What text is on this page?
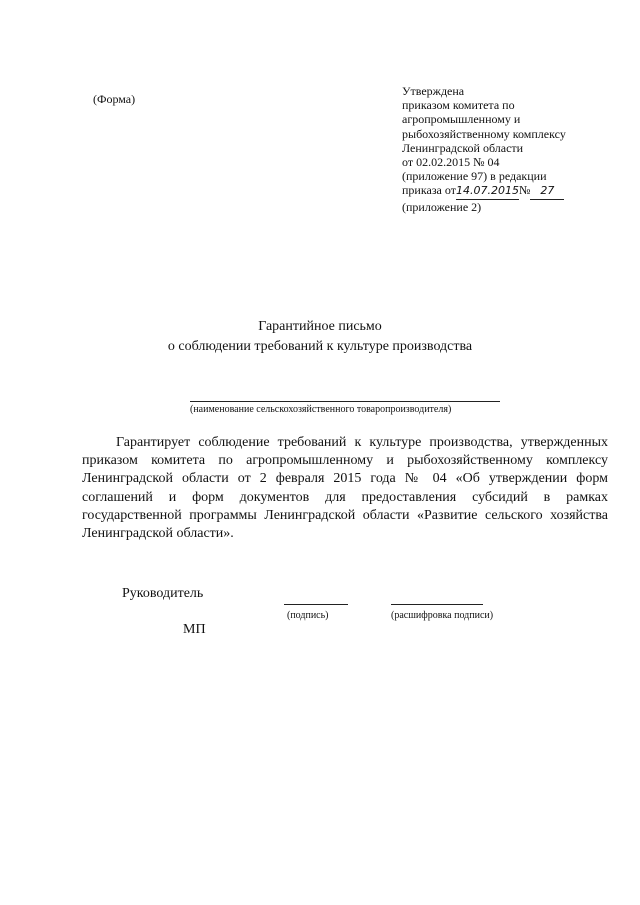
(Форма)
Утверждена
приказом комитета по
агропромышленному и
рыбохозяйственному комплексу
Ленинградской области
от 02.02.2015 № 04
(приложение 97) в редакции
приказа от14.07.2015№ 27
(приложение 2)
Гарантийное письмо
о соблюдении требований к культуре производства
(наименование сельскохозяйственного товаропроизводителя)

Гарантирует соблюдение требований к культуре производства, утвержденных приказом комитета по агропромышленному и рыбохозяйственному комплексу Ленинградской области от 2 февраля 2015 года № 04 «Об утверждении форм соглашений и форм документов для предоставления субсидий в рамках государственной программы Ленинградской области «Развитие сельского хозяйства Ленинградской области».

Руководитель
(подпись)	(расшифровка подписи)
МП
